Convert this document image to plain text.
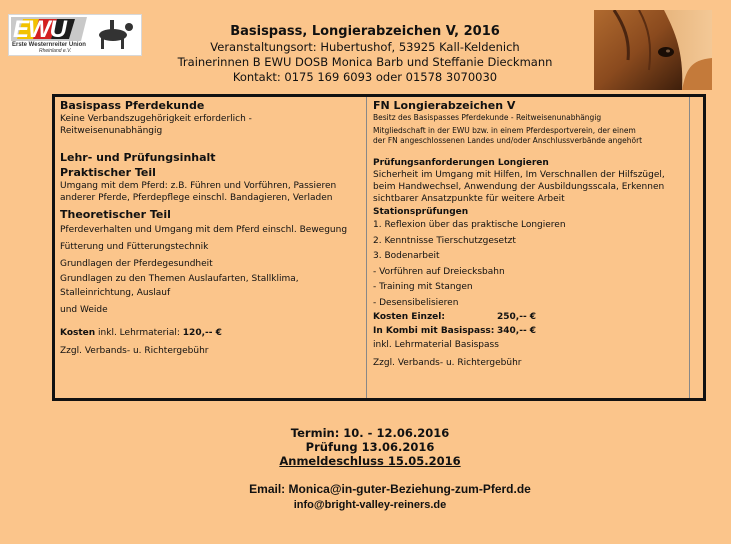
EWU
Erste Westernreiter Union
Rheinland e.V.
Basispass, Longierabzeichen V, 2016
Veranstaltungsort: Hubertushof, 53925 Kall-Keldenich
Trainerinnen B EWU DOSB Monica Barb und Steffanie Dieckmann
Kontakt: 0175 169 6093 oder 01578 3070030
Basispass Pferdekunde
Keine Verbandszugehörigkeit erforderlich -
Reitweisenunabhängig
Lehr- und Prüfungsinhalt
Praktischer Teil
Umgang mit dem Pferd: z.B. Führen und Vorführen, Passieren
anderer Pferde, Pferdepflege einschl. Bandagieren, Verladen
Theoretischer Teil
Pferdeverhalten und Umgang mit dem Pferd einschl. Bewegung
Fütterung und Fütterungstechnik
Grundlagen der Pferdegesundheit
Grundlagen zu den Themen Auslaufarten, Stallklima,
Stalleinrichtung, Auslauf
und Weide
Kosten inkl. Lehrmaterial: 120,-- €
Zzgl. Verbands- u. Richtergebühr
FN Longierabzeichen V
Besitz des Basispasses Pferdekunde - Reitweisenunabhängig
Mitgliedschaft in der EWU bzw. in einem Pferdesportverein, der einem
der FN angeschlossenen Landes und/oder Anschlussverbände angehört
Prüfungsanforderungen Longieren
Sicherheit im Umgang mit Hilfen, Im Verschnallen der Hilfszügel,
beim Handwechsel, Anwendung der Ausbildungsscala, Erkennen
sichtbarer Ansatzpunkte für weitere Arbeit
Stationsprüfungen
1. Reflexion über das praktische Longieren
2. Kenntnisse Tierschutzgesetzt
3. Bodenarbeit
- Vorführen auf Dreiecksbahn
- Training mit Stangen
- Desensibelisieren
Kosten Einzel:	250,-- €
In Kombi mit Basispass: 340,-- €
inkl. Lehrmaterial Basispass
Zzgl. Verbands- u. Richtergebühr
Termin: 10. - 12.06.2016
Prüfung 13.06.2016
Anmeldeschluss 15.05.2016
Email: Monica@in-guter-Beziehung-zum-Pferd.de
info@bright-valley-reiners.de
